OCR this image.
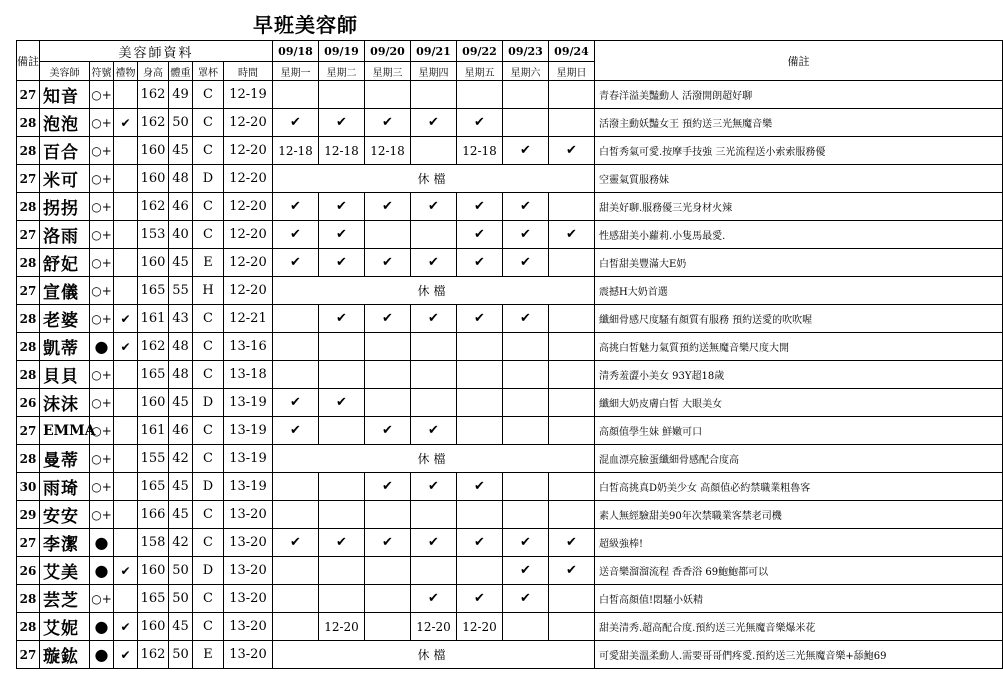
早班美容師
備註	美容師資料							09/18	09/19	09/20	09/21	09/22	09/23	09/24	備註
	美容師	符號	禮物	身高	體重	罩杯	時間	星期一	星期二	星期三	星期四	星期五	星期六	星期日	
27	知音	○+		162	49	C	12-19								青春洋溢美豔動人 活潑開朗超好聊
28	泡泡	○+	✔	162	50	C	12-20	✔	✔	✔	✔	✔			活潑主動妖豔女王 預約送三光無魔音樂
28	百合	○+		160	45	C	12-20	12-18	12-18	12-18		12-18	✔	✔	白皙秀氣可愛.按摩手技強 三光流程送小索索服務優
27	米可	○+		160	48	D	12-20	休檔							空靈氣質服務妹
28	拐拐	○+		162	46	C	12-20	✔	✔	✔	✔	✔	✔		甜美好聊.服務優三光身材火辣
27	洛雨	○+		153	40	C	12-20	✔	✔			✔	✔	✔	性感甜美小蘿莉.小隻馬最愛.
28	舒妃	○+		160	45	E	12-20	✔	✔	✔	✔	✔	✔		白皙甜美豐滿大E奶
27	宣儀	○+		165	55	H	12-20	休檔							震撼H大奶首選
28	老婆	○+	✔	161	43	C	12-21		✔	✔	✔	✔	✔		纖細骨感尺度騷有顏質有服務 預約送愛的吹吹喔
28	凱蒂	●	✔	162	48	C	13-16								高挑白皙魅力氣質預約送無魔音樂尺度大開
28	貝貝	○+		165	48	C	13-18								清秀羞澀小美女 93Y超18歲
26	沫沫	○+		160	45	D	13-19	✔	✔						纖細大奶皮膚白皙 大眼美女
27	EMMA	○+		161	46	C	13-19	✔		✔	✔				高顏值學生妹 鮮嫩可口
28	曼蒂	○+		155	42	C	13-19	休檔							混血漂亮臉蛋纖細骨感配合度高
30	雨琦	○+		165	45	D	13-19			✔	✔	✔			白皙高挑真D奶美少女 高顏值必約禁職業粗魯客
29	安安	○+		166	45	C	13-20								素人無經驗甜美90年次禁職業客禁老司機
27	李潔	●		158	42	C	13-20	✔	✔	✔	✔	✔	✔	✔	超級強棒!
26	艾美	●	✔	160	50	D	13-20						✔	✔	送音樂溜溜流程 香香浴 69鮑鮑都可以
28	芸芝	○+		165	50	C	13-20				✔	✔	✔		白皙高顏值!悶騷小妖精
28	艾妮	●	✔	160	45	C	13-20		12-20		12-20	12-20			甜美清秀.超高配合度.預約送三光無魔音樂爆米花
27	璇鈜	●	✔	162	50	E	13-20	休檔							可愛甜美溫柔動人.需要哥哥們疼愛.預約送三光無魔音樂+舔鮑69
